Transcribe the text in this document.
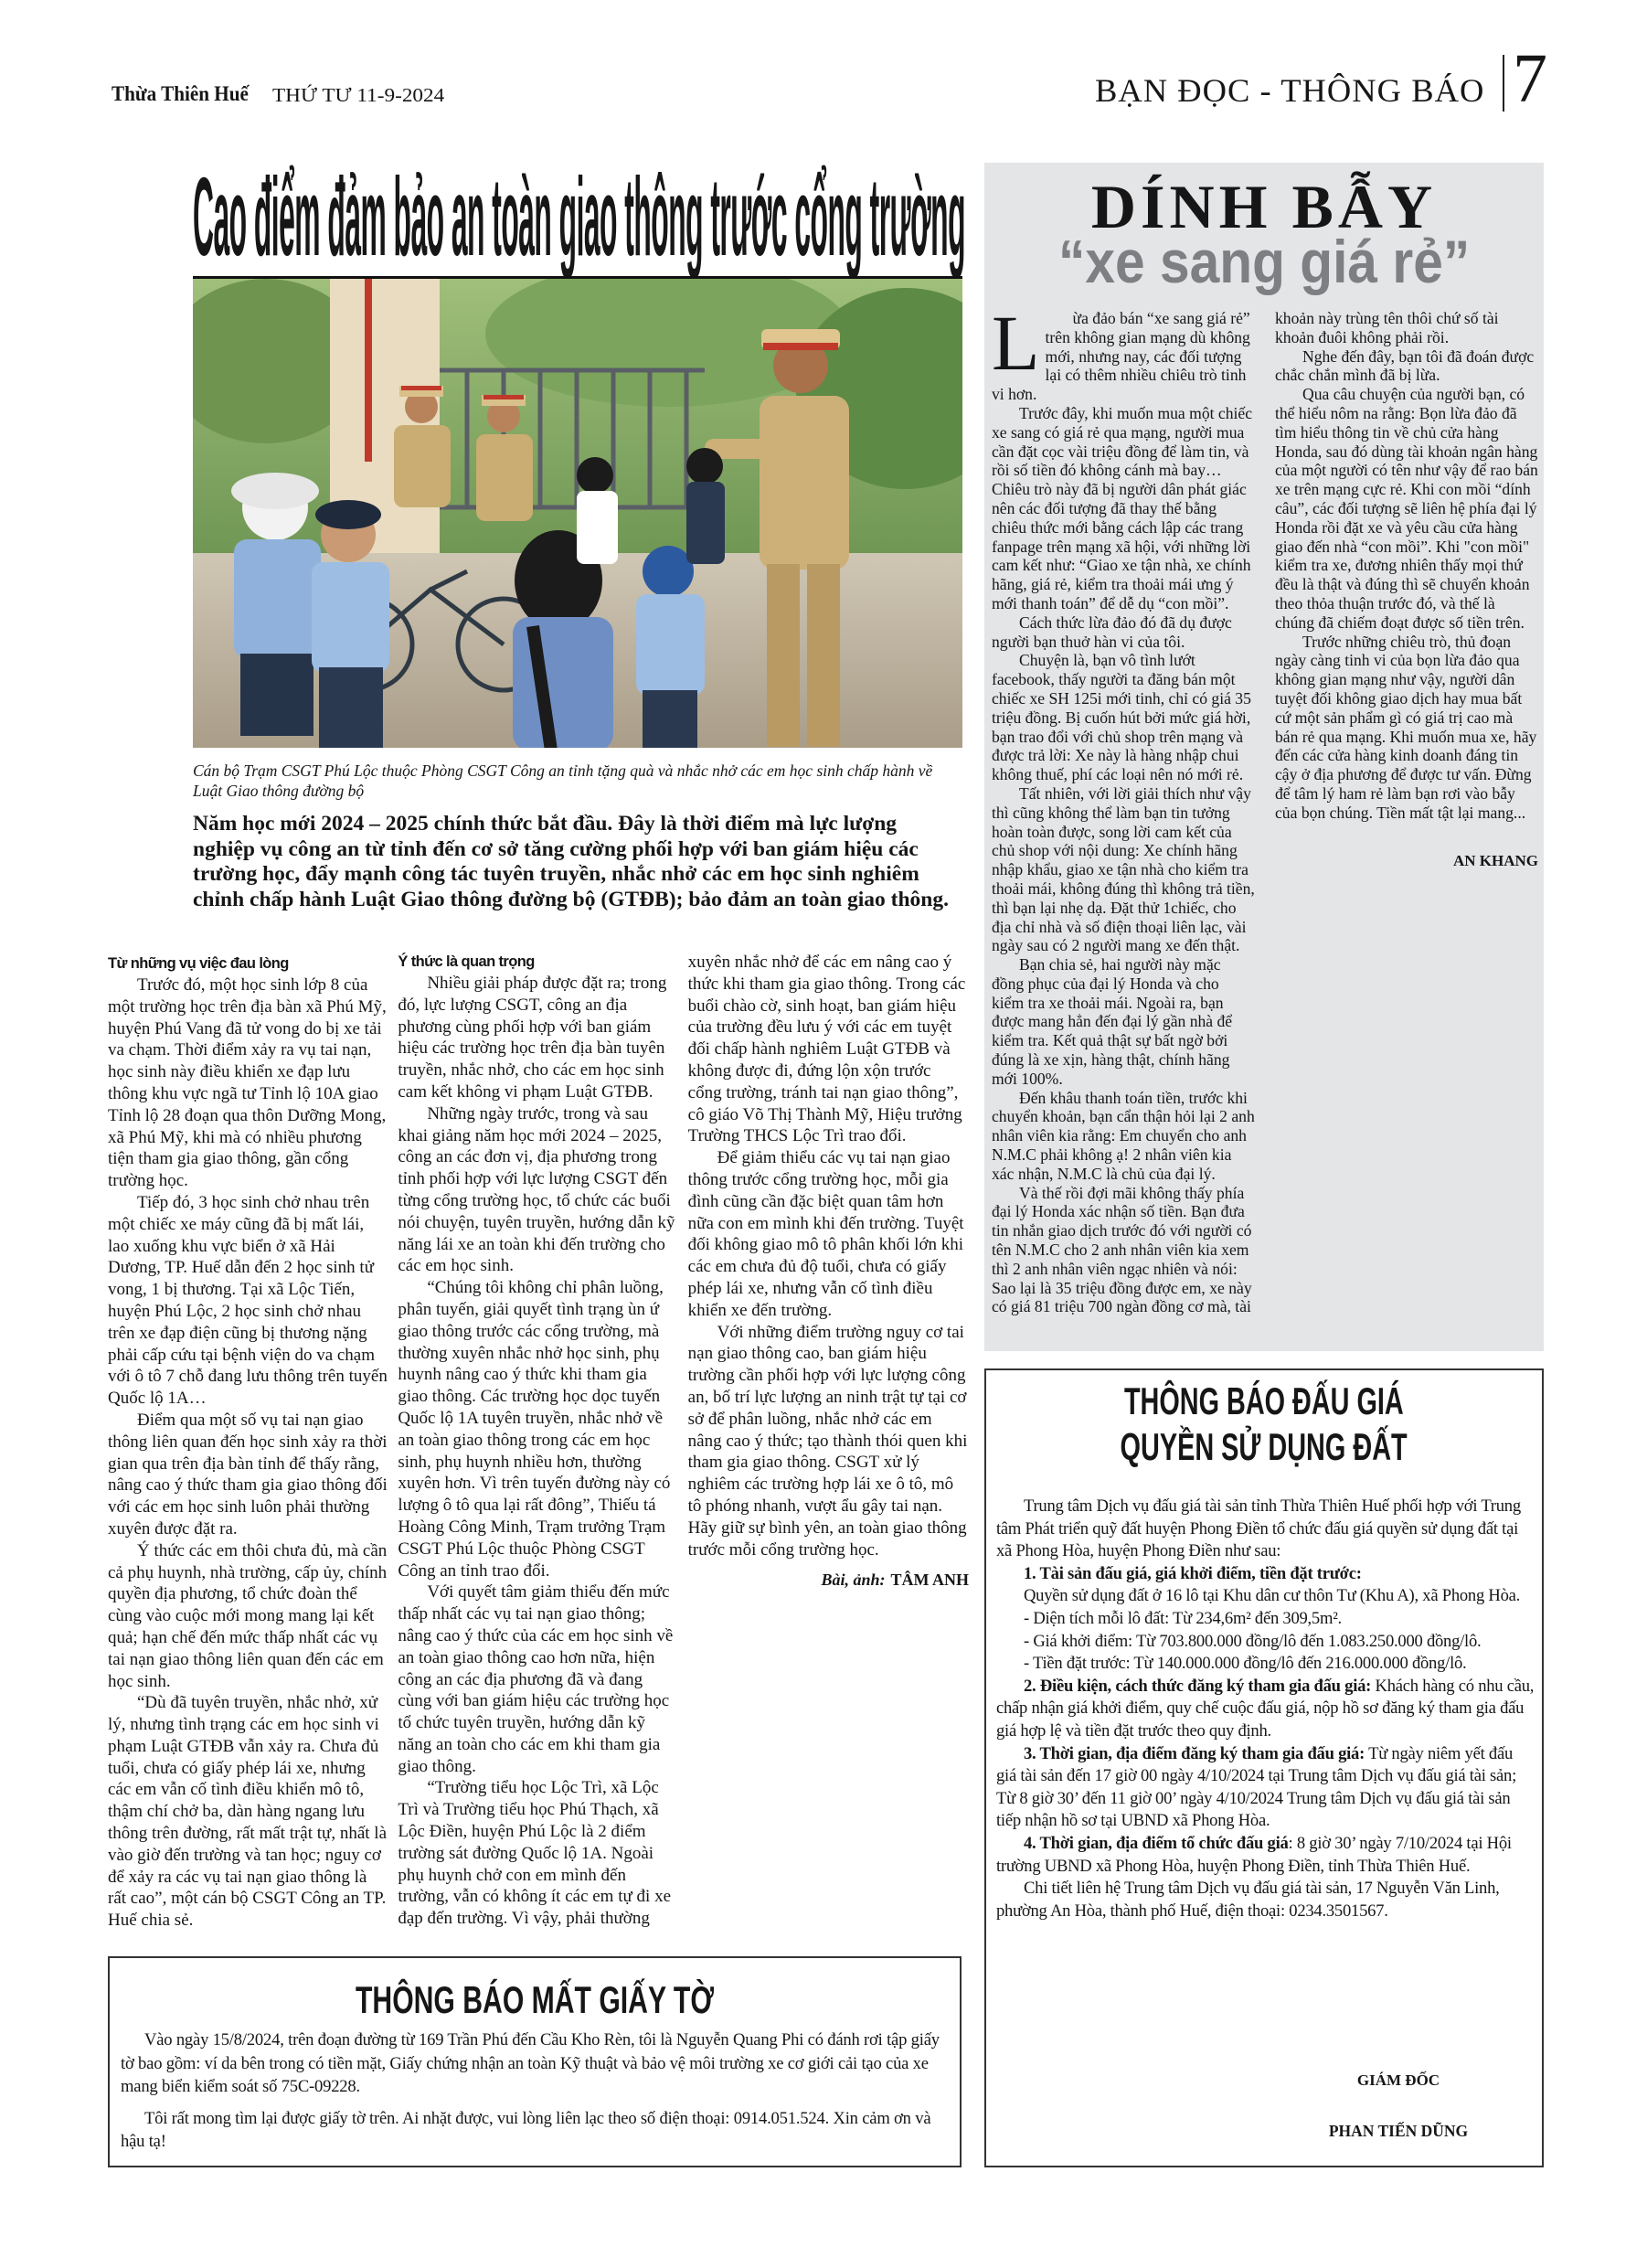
Thừa Thiên Huế	THỨ TƯ 11-9-2024	BẠN ĐỌC - THÔNG BÁO 7
Cao điểm đảm bảo an toàn giao thông trước cổng trường
Cán bộ Trạm CSGT Phú Lộc thuộc Phòng CSGT Công an tỉnh tặng quà và nhắc nhở các em học sinh chấp hành về Luật Giao thông đường bộ
Năm học mới 2024 – 2025 chính thức bắt đầu. Đây là thời điểm mà lực lượng nghiệp vụ công an từ tỉnh đến cơ sở tăng cường phối hợp với ban giám hiệu các trường học, đẩy mạnh công tác tuyên truyền, nhắc nhở các em học sinh nghiêm chỉnh chấp hành Luật Giao thông đường bộ (GTĐB); bảo đảm an toàn giao thông.
Từ những vụ việc đau lòng

Trước đó, một học sinh lớp 8 của một trường học trên địa bàn xã Phú Mỹ, huyện Phú Vang đã tử vong do bị xe tải va chạm. Thời điểm xảy ra vụ tai nạn, học sinh này điều khiển xe đạp lưu thông khu vực ngã tư Tỉnh lộ 10A giao Tỉnh lộ 28 đoạn qua thôn Dưỡng Mong, xã Phú Mỹ, khi mà có nhiều phương tiện tham gia giao thông, gần cổng trường học.

Tiếp đó, 3 học sinh chở nhau trên một chiếc xe máy cũng đã bị mất lái, lao xuống khu vực biển ở xã Hải Dương, TP. Huế dẫn đến 2 học sinh tử vong, 1 bị thương. Tại xã Lộc Tiến, huyện Phú Lộc, 2 học sinh chở nhau trên xe đạp điện cũng bị thương nặng phải cấp cứu tại bệnh viện do va chạm với ô tô 7 chỗ đang lưu thông trên tuyến Quốc lộ 1A…

Điểm qua một số vụ tai nạn giao thông liên quan đến học sinh xảy ra thời gian qua trên địa bàn tỉnh để thấy rằng, nâng cao ý thức tham gia giao thông đối với các em học sinh luôn phải thường xuyên được đặt ra.

Ý thức các em thôi chưa đủ, mà cần cả phụ huynh, nhà trường, cấp ủy, chính quyền địa phương, tổ chức đoàn thể cùng vào cuộc mới mong mang lại kết quả; hạn chế đến mức thấp nhất các vụ tai nạn giao thông liên quan đến các em học sinh.

“Dù đã tuyên truyền, nhắc nhở, xử lý, nhưng tình trạng các em học sinh vi phạm Luật GTĐB vẫn xảy ra. Chưa đủ tuổi, chưa có giấy phép lái xe, nhưng các em vẫn cố tình điều khiển mô tô, thậm chí chở ba, dàn hàng ngang lưu thông trên đường, rất mất trật tự, nhất là vào giờ đến trường và tan học; nguy cơ để xảy ra các vụ tai nạn giao thông là rất cao”, một cán bộ CSGT Công an TP. Huế chia sẻ.

Ý thức là quan trọng

Nhiều giải pháp được đặt ra; trong đó, lực lượng CSGT, công an địa phương cùng phối hợp với ban giám hiệu các trường học trên địa bàn tuyên truyền, nhắc nhở, cho các em học sinh cam kết không vi phạm Luật GTĐB.

Những ngày trước, trong và sau khai giảng năm học mới 2024 – 2025, công an các đơn vị, địa phương trong tỉnh phối hợp với lực lượng CSGT đến từng cổng trường học, tổ chức các buổi nói chuyện, tuyên truyền, hướng dẫn kỹ năng lái xe an toàn khi đến trường cho các em học sinh.

“Chúng tôi không chỉ phân luồng, phân tuyến, giải quyết tình trạng ùn ứ giao thông trước các cổng trường, mà thường xuyên nhắc nhở học sinh, phụ huynh nâng cao ý thức khi tham gia giao thông. Các trường học dọc tuyến Quốc lộ 1A tuyên truyền, nhắc nhở về an toàn giao thông trong các em học sinh, phụ huynh nhiều hơn, thường xuyên hơn. Vì trên tuyến đường này có lượng ô tô qua lại rất đông”, Thiếu tá Hoàng Công Minh, Trạm trưởng Trạm CSGT Phú Lộc thuộc Phòng CSGT Công an tỉnh trao đổi.

Với quyết tâm giảm thiểu đến mức thấp nhất các vụ tai nạn giao thông; nâng cao ý thức của các em học sinh về an toàn giao thông cao hơn nữa, hiện công an các địa phương đã và đang cùng với ban giám hiệu các trường học tổ chức tuyên truyền, hướng dẫn kỹ năng an toàn cho các em khi tham gia giao thông.

“Trường tiểu học Lộc Trì, xã Lộc Trì và Trường tiểu học Phú Thạch, xã Lộc Điền, huyện Phú Lộc là 2 điểm trường sát đường Quốc lộ 1A. Ngoài phụ huynh chở con em mình đến trường, vẫn có không ít các em tự đi xe đạp đến trường. Vì vậy, phải thường xuyên nhắc nhở để các em nâng cao ý thức khi tham gia giao thông. Trong các buổi chào cờ, sinh hoạt, ban giám hiệu của trường đều lưu ý với các em tuyệt đối chấp hành nghiêm Luật GTĐB và không được đi, đứng lộn xộn trước cổng trường, tránh tai nạn giao thông”, cô giáo Võ Thị Thành Mỹ, Hiệu trưởng Trường THCS Lộc Trì trao đổi.

Để giảm thiểu các vụ tai nạn giao thông trước cổng trường học, mỗi gia đình cũng cần đặc biệt quan tâm hơn nữa con em mình khi đến trường. Tuyệt đối không giao mô tô phân khối lớn khi các em chưa đủ độ tuổi, chưa có giấy phép lái xe, nhưng vẫn cố tình điều khiển xe đến trường.

Với những điểm trường nguy cơ tai nạn giao thông cao, ban giám hiệu trường cần phối hợp với lực lượng công an, bố trí lực lượng an ninh trật tự tại cơ sở để phân luồng, nhắc nhở các em nâng cao ý thức; tạo thành thói quen khi tham gia giao thông. CSGT xử lý nghiêm các trường hợp lái xe ô tô, mô tô phóng nhanh, vượt ẩu gây tai nạn. Hãy giữ sự bình yên, an toàn giao thông trước mỗi cổng trường học.

Bài, ảnh: TÂM ANH

DÍNH BẪY
“xe sang giá rẻ”

L ừa đảo bán “xe sang giá rẻ” trên không gian mạng dù không mới, nhưng nay, các đối tượng lại có thêm nhiều chiêu trò tinh vi hơn.

Trước đây, khi muốn mua một chiếc xe sang có giá rẻ qua mạng, người mua cần đặt cọc vài triệu đồng để làm tin, và rồi số tiền đó không cánh mà bay… Chiêu trò này đã bị người dân phát giác nên các đối tượng đã thay thế bằng chiêu thức mới bằng cách lập các trang fanpage trên mạng xã hội, với những lời cam kết như: “Giao xe tận nhà, xe chính hãng, giá rẻ, kiểm tra thoải mái ưng ý mới thanh toán” để dễ dụ “con mồi”.

Cách thức lừa đảo đó đã dụ được người bạn thuở hàn vi của tôi.

Chuyện là, bạn vô tình lướt facebook, thấy người ta đăng bán một chiếc xe SH 125i mới tinh, chỉ có giá 35 triệu đồng. Bị cuốn hút bởi mức giá hời, bạn trao đổi với chủ shop trên mạng và được trả lời: Xe này là hàng nhập chui không thuế, phí các loại nên nó mới rẻ.

Tất nhiên, với lời giải thích như vậy thì cũng không thể làm bạn tin tưởng hoàn toàn được, song lời cam kết của chủ shop với nội dung: Xe chính hãng nhập khẩu, giao xe tận nhà cho kiểm tra thoải mái, không đúng thì không trả tiền, thì bạn lại nhẹ dạ. Đặt thử 1chiếc, cho địa chỉ nhà và số điện thoại liên lạc, vài ngày sau có 2 người mang xe đến thật.

Bạn chia sẻ, hai người này mặc đồng phục của đại lý Honda và cho kiểm tra xe thoải mái. Ngoài ra, bạn được mang hẳn đến đại lý gần nhà để kiểm tra. Kết quả thật sự bất ngờ bởi đúng là xe xịn, hàng thật, chính hãng mới 100%.

Đến khâu thanh toán tiền, trước khi chuyển khoản, bạn cẩn thận hỏi lại 2 anh nhân viên kia rằng: Em chuyển cho anh N.M.C phải không ạ! 2 nhân viên kia xác nhận, N.M.C là chủ của đại lý.

Và thế rồi đợi mãi không thấy phía đại lý Honda xác nhận số tiền. Bạn đưa tin nhắn giao dịch trước đó với người có tên N.M.C cho 2 anh nhân viên kia xem thì 2 anh nhân viên ngạc nhiên và nói: Sao lại là 35 triệu đồng được em, xe này có giá 81 triệu 700 ngàn đồng cơ mà, tài khoản này trùng tên thôi chứ số tài khoản đuôi không phải rồi.

Nghe đến đây, bạn tôi đã đoán được chắc chắn mình đã bị lừa.

Qua câu chuyện của người bạn, có thể hiểu nôm na rằng: Bọn lừa đảo đã tìm hiểu thông tin về chủ cửa hàng Honda, sau đó dùng tài khoản ngân hàng của một người có tên như vậy để rao bán xe trên mạng cực rẻ. Khi con mồi “dính câu”, các đối tượng sẽ liên hệ phía đại lý Honda rồi đặt xe và yêu cầu cửa hàng giao đến nhà “con mồi”. Khi "con mồi" kiểm tra xe, đương nhiên thấy mọi thứ đều là thật và đúng thì sẽ chuyển khoản theo thỏa thuận trước đó, và thế là chúng đã chiếm đoạt được số tiền trên.

Trước những chiêu trò, thủ đoạn ngày càng tinh vi của bọn lừa đảo qua không gian mạng như vậy, người dân tuyệt đối không giao dịch hay mua bất cứ một sản phẩm gì có giá trị cao mà bán rẻ qua mạng. Khi muốn mua xe, hãy đến các cửa hàng kinh doanh đáng tin cậy ở địa phương để được tư vấn. Đừng để tâm lý ham rẻ làm bạn rơi vào bẫy của bọn chúng. Tiền mất tật lại mang...

AN KHANG

THÔNG BÁO ĐẤU GIÁ
QUYỀN SỬ DỤNG ĐẤT

Trung tâm Dịch vụ đấu giá tài sản tỉnh Thừa Thiên Huế phối hợp với Trung tâm Phát triển quỹ đất huyện Phong Điền tổ chức đấu giá quyền sử dụng đất tại xã Phong Hòa, huyện Phong Điền như sau:

1. Tài sản đấu giá, giá khởi điểm, tiền đặt trước:

Quyền sử dụng đất ở 16 lô tại Khu dân cư thôn Tư (Khu A), xã Phong Hòa.

- Diện tích mỗi lô đất: Từ 234,6m² đến 309,5m².

- Giá khởi điểm: Từ 703.800.000 đồng/lô đến 1.083.250.000 đồng/lô.

- Tiền đặt trước: Từ 140.000.000 đồng/lô đến 216.000.000 đồng/lô.

2. Điều kiện, cách thức đăng ký tham gia đấu giá: Khách hàng có nhu cầu, chấp nhận giá khởi điểm, quy chế cuộc đấu giá, nộp hồ sơ đăng ký tham gia đấu giá hợp lệ và tiền đặt trước theo quy định.

3. Thời gian, địa điểm đăng ký tham gia đấu giá: Từ ngày niêm yết đấu giá tài sản đến 17 giờ 00 ngày 4/10/2024 tại Trung tâm Dịch vụ đấu giá tài sản; Từ 8 giờ 30’ đến 11 giờ 00’ ngày 4/10/2024 Trung tâm Dịch vụ đấu giá tài sản tiếp nhận hồ sơ tại UBND xã Phong Hòa.

4. Thời gian, địa điểm tổ chức đấu giá: 8 giờ 30’ ngày 7/10/2024 tại Hội trường UBND xã Phong Hòa, huyện Phong Điền, tỉnh Thừa Thiên Huế.

Chi tiết liên hệ Trung tâm Dịch vụ đấu giá tài sản, 17 Nguyễn Văn Linh, phường An Hòa, thành phố Huế, điện thoại: 0234.3501567.

GIÁM ĐỐC
PHAN TIẾN DŨNG
THÔNG BÁO MẤT GIẤY TỜ

Vào ngày 15/8/2024, trên đoạn đường từ 169 Trần Phú đến Cầu Kho Rèn, tôi là Nguyễn Quang Phi có đánh rơi tập giấy tờ bao gồm: ví da bên trong có tiền mặt, Giấy chứng nhận an toàn Kỹ thuật và bảo vệ môi trường xe cơ giới cải tạo của xe mang biển kiểm soát số 75C-09228.

Tôi rất mong tìm lại được giấy tờ trên. Ai nhặt được, vui lòng liên lạc theo số điện thoại: 0914.051.524. Xin cảm ơn và hậu tạ!
